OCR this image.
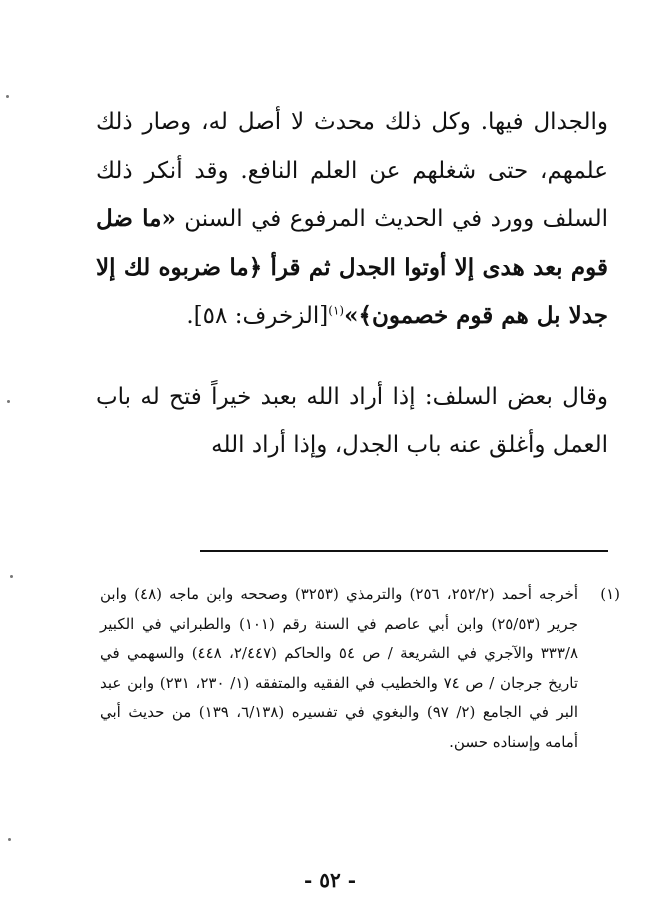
والجدال فيها. وكل ذلك محدث لا أصل له، وصار ذلك علمهم، حتى شغلهم عن العلم النافع. وقد أنكر ذلك السلف وورد في الحديث المرفوع في السنن «ما ضل قوم بعد هدى إلا أوتوا الجدل ثم قرأ ﴿ما ضربوه لك إلا جدلا بل هم قوم خصمون﴾»$^{(١)}$[الزخرف: ٥٨].

وقال بعض السلف: إذا أراد الله بعبد خيراً فتح له باب العمل وأغلق عنه باب الجدل، وإذا أراد الله

(١)
أخرجه أحمد (٢٥٢/٢، ٢٥٦) والترمذي (٣٢٥٣) وصححه وابن ماجه (٤٨) وابن جرير (٢٥/٥٣) وابن أبي عاصم في السنة رقم (١٠١) والطبراني في الكبير ٣٣٣/٨ والآجري في الشريعة / ص ٥٤ والحاكم (٢/٤٤٧، ٤٤٨) والسهمي في تاريخ جرجان / ص ٧٤ والخطيب في الفقيه والمتفقه (١/ ٢٣٠، ٢٣١) وابن عبد البر في الجامع (٢/ ٩٧) والبغوي في تفسيره (٦/١٣٨، ١٣٩) من حديث أبي أمامه وإسناده حسن.
- ٥٢ -
